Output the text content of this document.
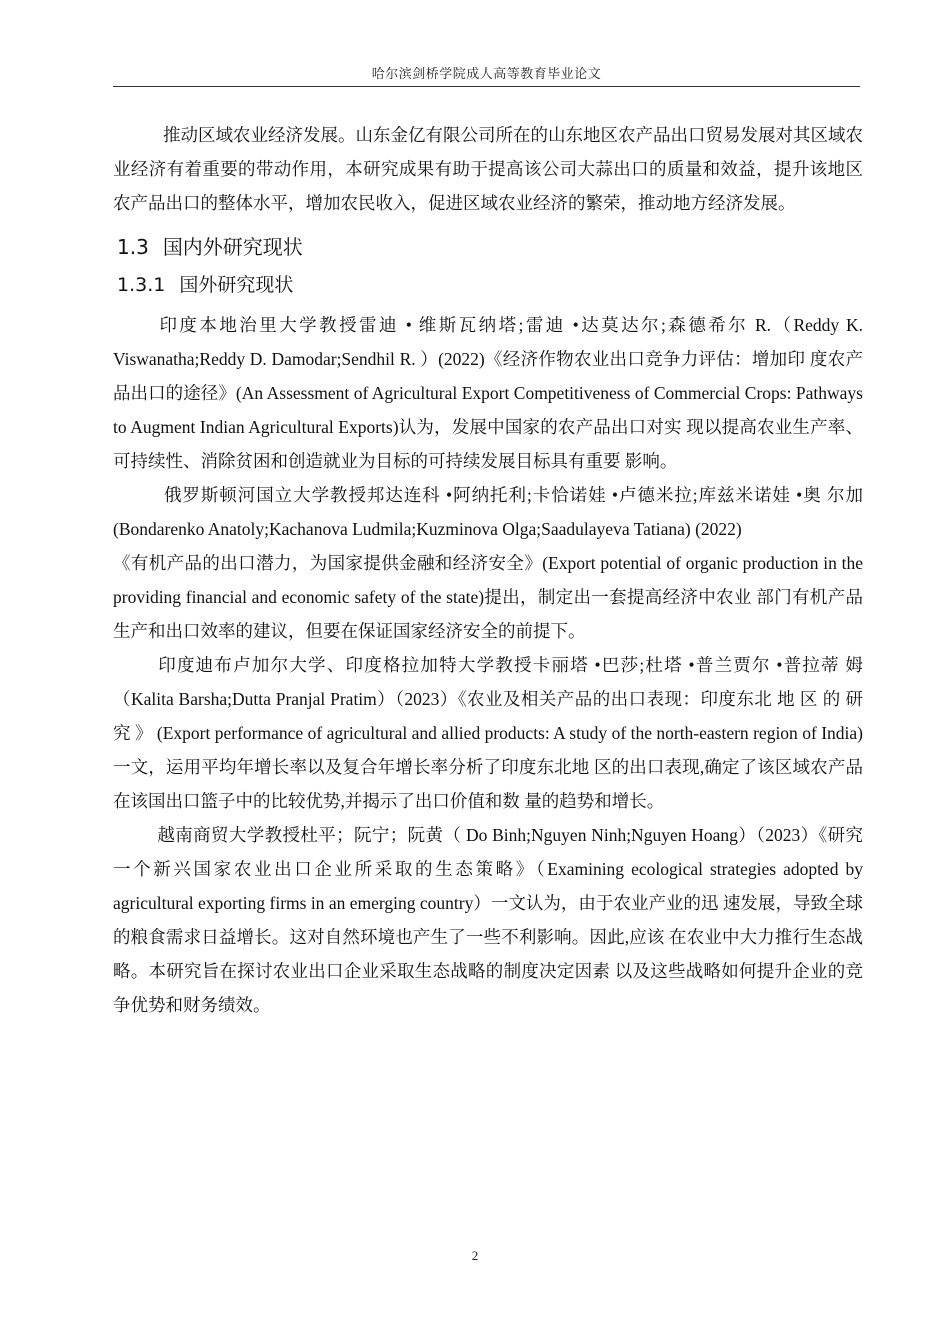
哈尔滨剑桥学院成人高等教育毕业论文

推动区域农业经济发展。山东金亿有限公司所在的山东地区农产品出口贸易发展对其区域农业经济有着重要的带动作用，本研究成果有助于提高该公司大蒜出口的质量和效益，提升该地区农产品出口的整体水平，增加农民收入，促进区域农业经济的繁荣，推动地方经济发展。

1.3 国内外研究现状
1.3.1 国外研究现状

印度本地治里大学教授雷迪 • 维斯瓦纳塔;雷迪 •达莫达尔;森德希尔 R.（Reddy K. Viswanatha;Reddy D. Damodar;Sendhil R. ）(2022)《经济作物农业出口竞争力评估：增加印 度农产品出口的途径》(An Assessment of Agricultural Export Competitiveness of Commercial Crops: Pathways to Augment Indian Agricultural Exports)认为，发展中国家的农产品出口对实 现以提高农业生产率、可持续性、消除贫困和创造就业为目标的可持续发展目标具有重要 影响。

俄罗斯顿河国立大学教授邦达连科 •阿纳托利;卡恰诺娃 •卢德米拉;库兹米诺娃 •奥 尔加(Bondarenko Anatoly;Kachanova Ludmila;Kuzminova Olga;Saadulayeva Tatiana) (2022)

《有机产品的出口潜力，为国家提供金融和经济安全》(Export potential of organic production in the providing financial and economic safety of the state)提出，制定出一套提高经济中农业 部门有机产品生产和出口效率的建议，但要在保证国家经济安全的前提下。

印度迪布卢加尔大学、印度格拉加特大学教授卡丽塔 •巴莎;杜塔 •普兰贾尔 •普拉蒂 姆（Kalita Barsha;Dutta Pranjal Pratim）（2023）《农业及相关产品的出口表现：印度东北 地 区 的 研 究 》 (Export performance of agricultural and allied products: A study of the north-eastern region of India)一文，运用平均年增长率以及复合年增长率分析了印度东北地 区的出口表现,确定了该区域农产品在该国出口篮子中的比较优势,并揭示了出口价值和数 量的趋势和增长。

越南商贸大学教授杜平；阮宁；阮黄（ Do Binh;Nguyen Ninh;Nguyen Hoang）（2023）《研究一个新兴国家农业出口企业所采取的生态策略》（Examining ecological strategies adopted by agricultural exporting firms in an emerging country）一文认为，由于农业产业的迅 速发展，导致全球的粮食需求日益增长。这对自然环境也产生了一些不利影响。因此,应该 在农业中大力推行生态战略。本研究旨在探讨农业出口企业采取生态战略的制度决定因素 以及这些战略如何提升企业的竞争优势和财务绩效。

2
